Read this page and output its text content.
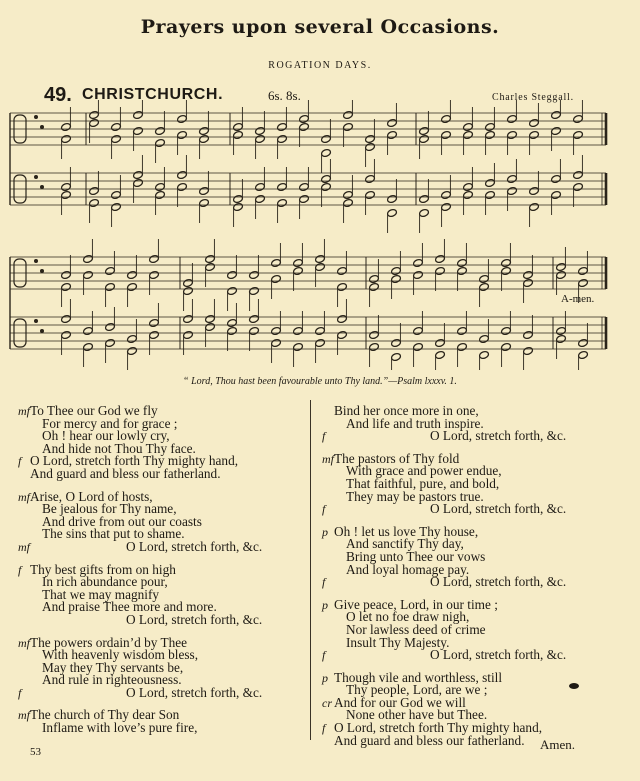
Prayers upon several Occasions.
ROGATION DAYS.
49. CHRISTCHURCH.	6s. 8s.	Charles Steggall.
A-men.
“ Lord, Thou hast been favourable unto Thy land.”—Psalm lxxxv. 1.
mf To Thee our God we fly
For mercy and for grace ;
Oh ! hear our lowly cry,
And hide not Thou Thy face.
f O Lord, stretch forth Thy mighty hand,
And guard and bless our fatherland.
mf Arise, O Lord of hosts,
Be jealous for Thy name,
And drive from out our coasts
The sins that put to shame.
mf	O Lord, stretch forth, &c.
f Thy best gifts from on high
In rich abundance pour,
That we may magnify
And praise Thee more and more.
O Lord, stretch forth, &c.
mf The powers ordain’d by Thee
With heavenly wisdom bless,
May they Thy servants be,
And rule in righteousness.
f	O Lord, stretch forth, &c.
mf The church of Thy dear Son
Inflame with love’s pure fire,
Bind her once more in one,
And life and truth inspire.
f	O Lord, stretch forth, &c.
mf The pastors of Thy fold
With grace and power endue,
That faithful, pure, and bold,
They may be pastors true.
f	O Lord, stretch forth, &c.
p Oh ! let us love Thy house,
And sanctify Thy day,
Bring unto Thee our vows
And loyal homage pay.
f	O Lord, stretch forth, &c.
p Give peace, Lord, in our time ;
O let no foe draw nigh,
Nor lawless deed of crime
Insult Thy Majesty.
f	O Lord, stretch forth, &c.
p Though vile and worthless, still
Thy people, Lord, are we ;
cr And for our God we will
None other have but Thee.
f O Lord, stretch forth Thy mighty hand,
And guard and bless our fatherland.
53	Amen.
